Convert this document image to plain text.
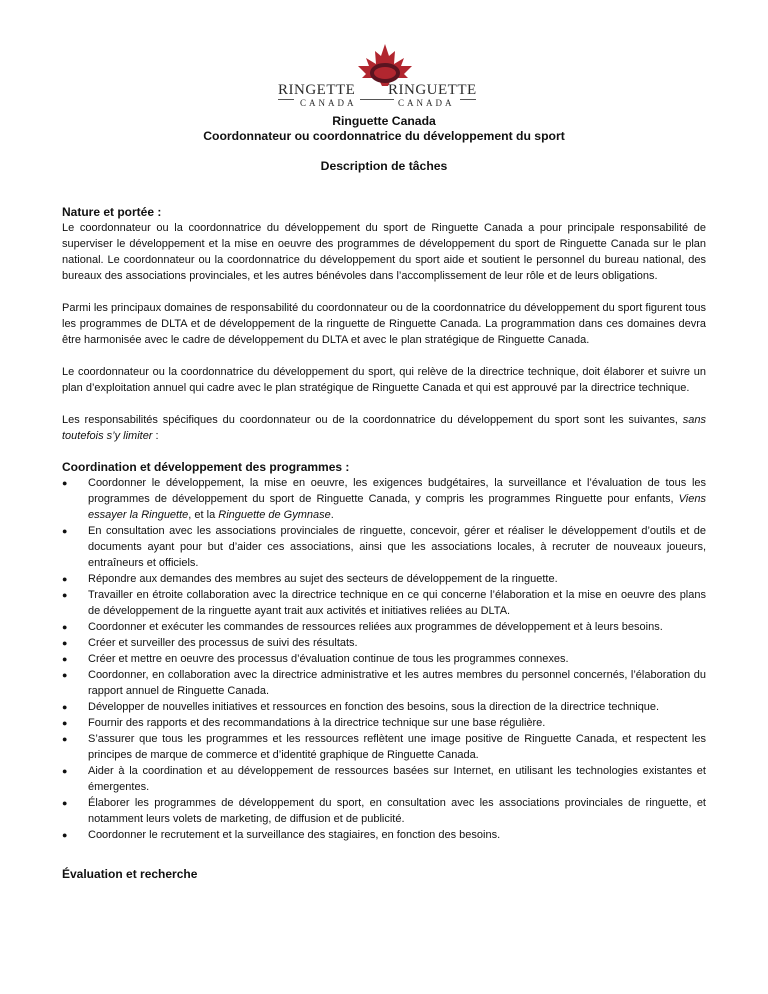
RINGETTE RINGUETTE
CANADA	CANADA
Ringuette Canada
Coordonnateur ou coordonnatrice du développement du sport
Description de tâches
Nature et portée :

Le coordonnateur ou la coordonnatrice du développement du sport de Ringuette Canada a pour principale responsabilité de superviser le développement et la mise en oeuvre des programmes de développement du sport de Ringuette Canada sur le plan national. Le coordonnateur ou la coordonnatrice du développement du sport aide et soutient le personnel du bureau national, des bureaux des associations provinciales, et les autres bénévoles dans l’accomplissement de leur rôle et de leurs obligations.

Parmi les principaux domaines de responsabilité du coordonnateur ou de la coordonnatrice du développement du sport figurent tous les programmes de DLTA et de développement de la ringuette de Ringuette Canada. La programmation dans ces domaines devra être harmonisée avec le cadre de développement du DLTA et avec le plan stratégique de Ringuette Canada.

Le coordonnateur ou la coordonnatrice du développement du sport, qui relève de la directrice technique, doit élaborer et suivre un plan d’exploitation annuel qui cadre avec le plan stratégique de Ringuette Canada et qui est approuvé par la directrice technique.

Les responsabilités spécifiques du coordonnateur ou de la coordonnatrice du développement du sport sont les suivantes, sans toutefois s’y limiter :

Coordination et développement des programmes :
● Coordonner le développement, la mise en oeuvre, les exigences budgétaires, la surveillance et l’évaluation de tous les programmes de développement du sport de Ringuette Canada, y compris les programmes Ringuette pour enfants, Viens essayer la Ringuette, et la Ringuette de Gymnase.
● En consultation avec les associations provinciales de ringuette, concevoir, gérer et réaliser le développement d’outils et de documents ayant pour but d’aider ces associations, ainsi que les associations locales, à recruter de nouveaux joueurs, entraîneurs et officiels.
● Répondre aux demandes des membres au sujet des secteurs de développement de la ringuette.
● Travailler en étroite collaboration avec la directrice technique en ce qui concerne l’élaboration et la mise en oeuvre des plans de développement de la ringuette ayant trait aux activités et initiatives reliées au DLTA.
● Coordonner et exécuter les commandes de ressources reliées aux programmes de développement et à leurs besoins.
● Créer et surveiller des processus de suivi des résultats.
● Créer et mettre en oeuvre des processus d’évaluation continue de tous les programmes connexes.
● Coordonner, en collaboration avec la directrice administrative et les autres membres du personnel concernés, l’élaboration du rapport annuel de Ringuette Canada.
● Développer de nouvelles initiatives et ressources en fonction des besoins, sous la direction de la directrice technique.
● Fournir des rapports et des recommandations à la directrice technique sur une base régulière.
● S’assurer que tous les programmes et les ressources reflètent une image positive de Ringuette Canada, et respectent les principes de marque de commerce et d’identité graphique de Ringuette Canada.
● Aider à la coordination et au développement de ressources basées sur Internet, en utilisant les technologies existantes et émergentes.
● Élaborer les programmes de développement du sport, en consultation avec les associations provinciales de ringuette, et notamment leurs volets de marketing, de diffusion et de publicité.
● Coordonner le recrutement et la surveillance des stagiaires, en fonction des besoins.
Évaluation et recherche
